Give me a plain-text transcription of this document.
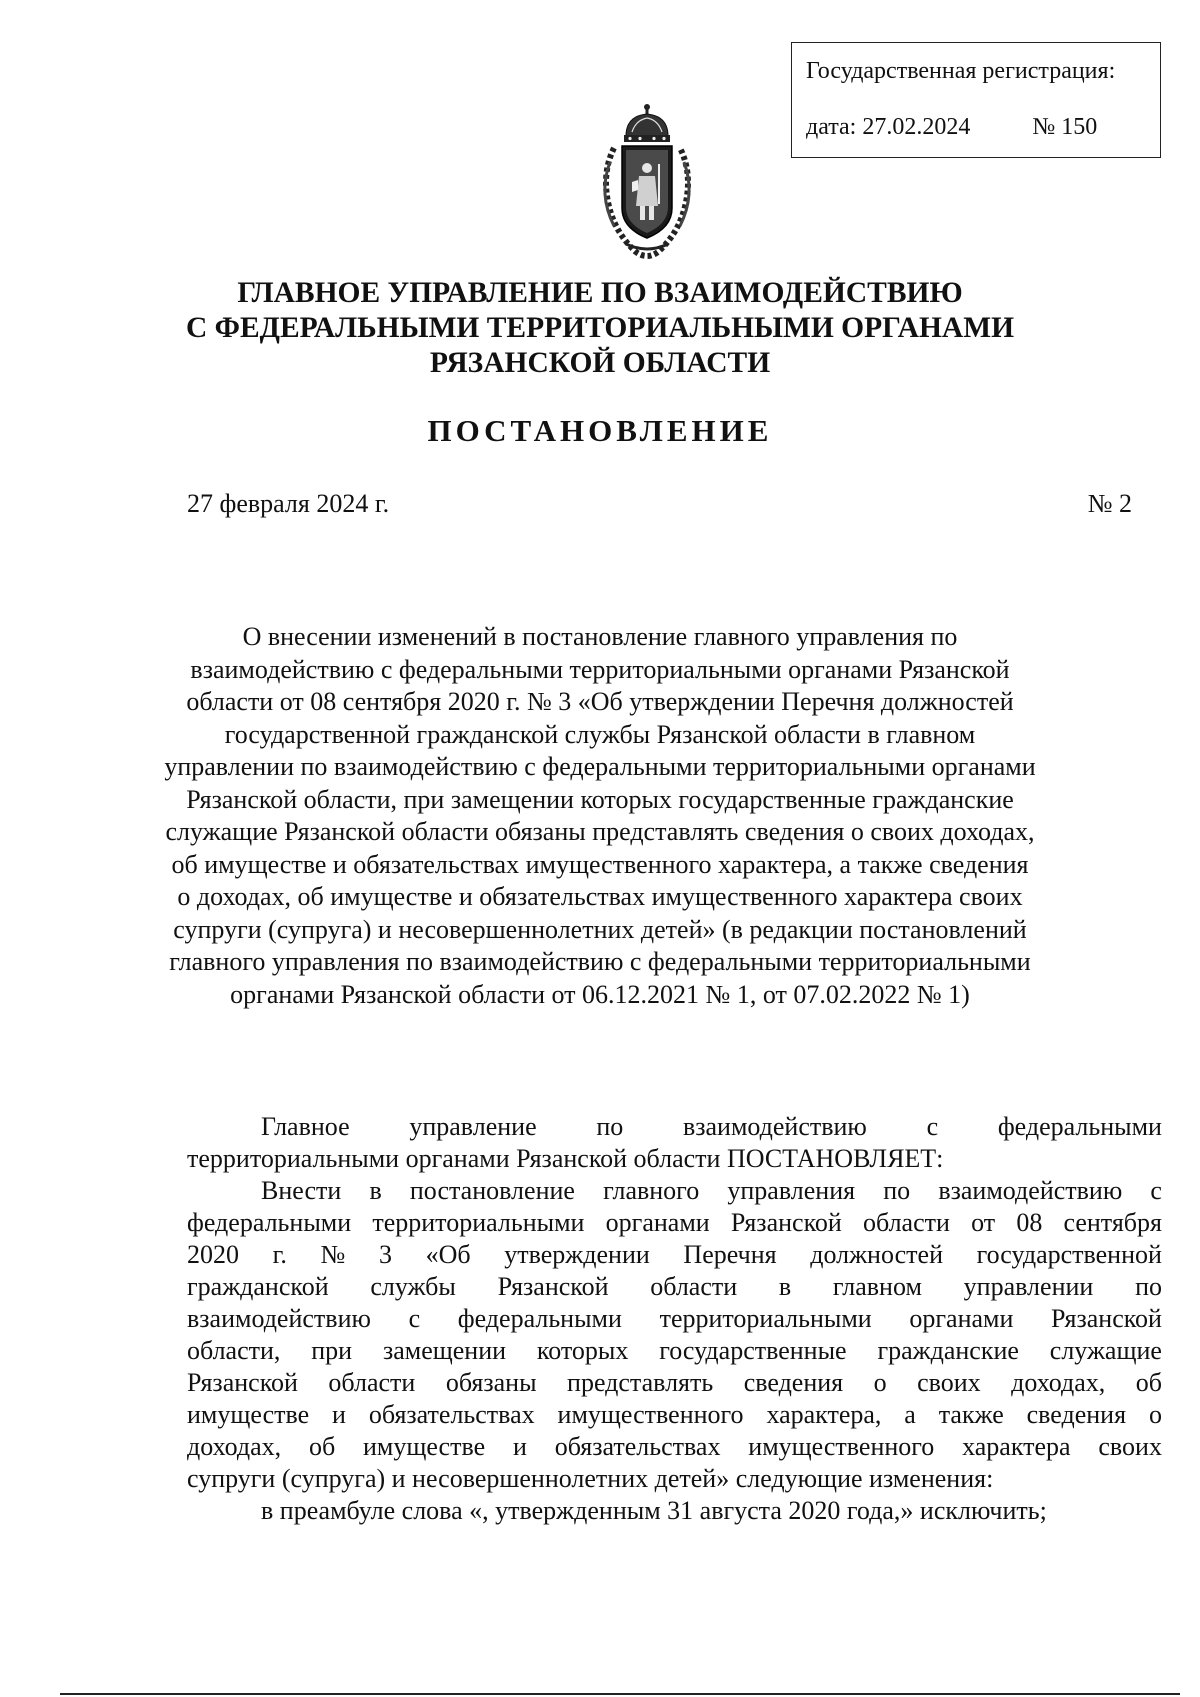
Государственная регистрация:
дата: 27.02.2024	№ 150
ГЛАВНОЕ УПРАВЛЕНИЕ ПО ВЗАИМОДЕЙСТВИЮ
С ФЕДЕРАЛЬНЫМИ ТЕРРИТОРИАЛЬНЫМИ ОРГАНАМИ
РЯЗАНСКОЙ ОБЛАСТИ
ПОСТАНОВЛЕНИЕ
27 февраля 2024 г.	№ 2
О внесении изменений в постановление главного управления по
взаимодействию с федеральными территориальными органами Рязанской
области от 08 сентября 2020 г. № 3 «Об утверждении Перечня должностей
государственной гражданской службы Рязанской области в главном
управлении по взаимодействию с федеральными территориальными органами
Рязанской области, при замещении которых государственные гражданские
служащие Рязанской области обязаны представлять сведения о своих доходах,
об имуществе и обязательствах имущественного характера, а также сведения
о доходах, об имуществе и обязательствах имущественного характера своих
супруги (супруга) и несовершеннолетних детей» (в редакции постановлений
главного управления по взаимодействию с федеральными территориальными
органами Рязанской области от 06.12.2021 № 1, от 07.02.2022 № 1)
Главное управление по взаимодействию с федеральными
территориальными органами Рязанской области ПОСТАНОВЛЯЕТ:
Внести в постановление главного управления по взаимодействию с
федеральными территориальными органами Рязанской области от 08 сентября
2020 г. № 3 «Об утверждении Перечня должностей государственной
гражданской службы Рязанской области в главном управлении по
взаимодействию с федеральными территориальными органами Рязанской
области, при замещении которых государственные гражданские служащие
Рязанской области обязаны представлять сведения о своих доходах, об
имуществе и обязательствах имущественного характера, а также сведения о
доходах, об имуществе и обязательствах имущественного характера своих
супруги (супруга) и несовершеннолетних детей» следующие изменения:
в преамбуле слова «, утвержденным 31 августа 2020 года,» исключить;
